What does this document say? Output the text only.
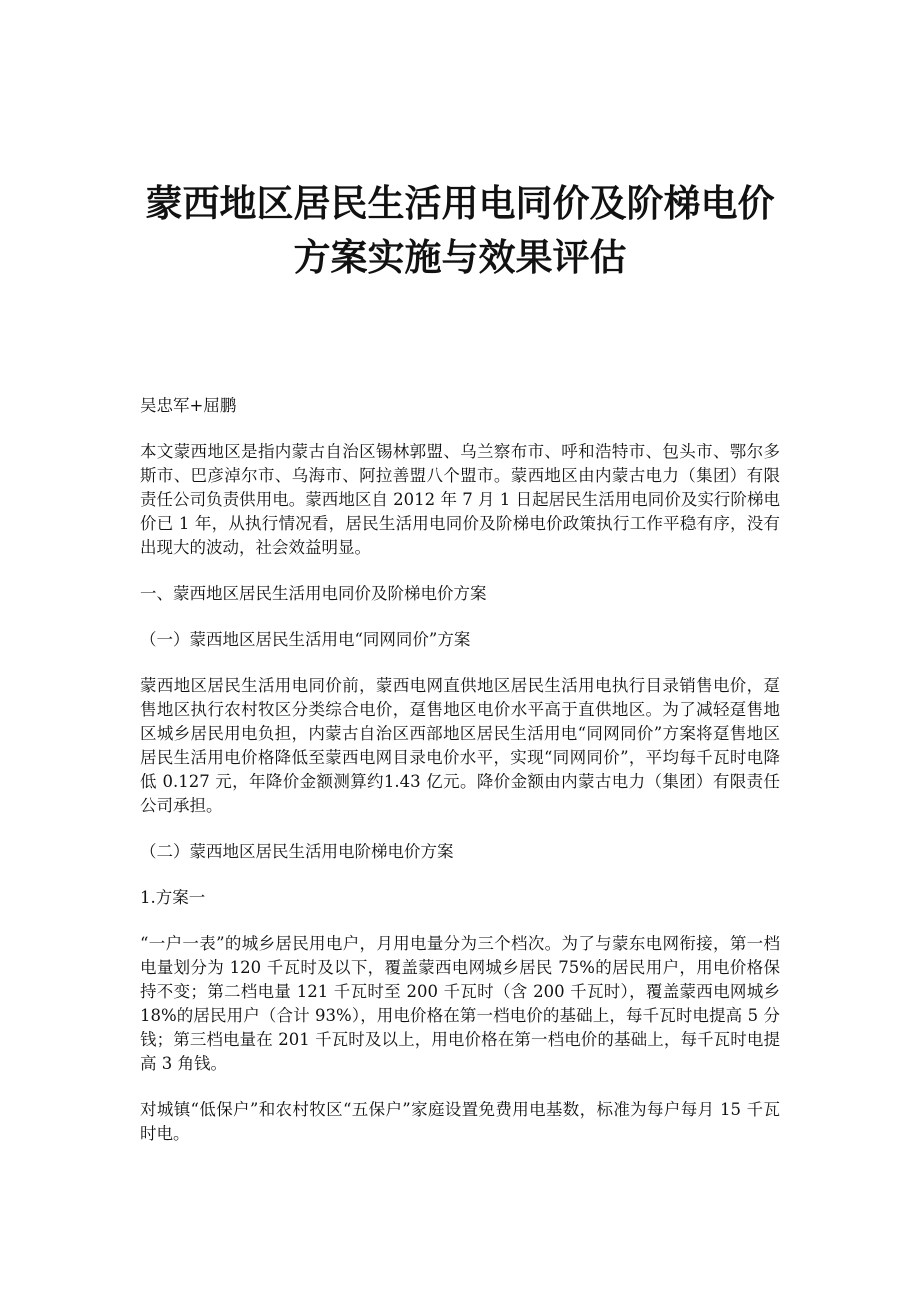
蒙西地区居民生活用电同价及阶梯电价
方案实施与效果评估

吴忠军+屈鹏

本文蒙西地区是指内蒙古自治区锡林郭盟、乌兰察布市、呼和浩特市、包头市、鄂尔多斯市、巴彦淖尔市、乌海市、阿拉善盟八个盟市。蒙西地区由内蒙古电力（集团）有限责任公司负责供用电。蒙西地区自 2012 年 7 月 1 日起居民生活用电同价及实行阶梯电价已 1 年，从执行情况看，居民生活用电同价及阶梯电价政策执行工作平稳有序，没有出现大的波动，社会效益明显。

一、蒙西地区居民生活用电同价及阶梯电价方案

（一）蒙西地区居民生活用电“同网同价”方案

蒙西地区居民生活用电同价前，蒙西电网直供地区居民生活用电执行目录销售电价，趸售地区执行农村牧区分类综合电价，趸售地区电价水平高于直供地区。为了减轻趸售地区城乡居民用电负担，内蒙古自治区西部地区居民生活用电“同网同价”方案将趸售地区居民生活用电价格降低至蒙西电网目录电价水平，实现“同网同价”，平均每千瓦时电降低 0.127 元，年降价金额测算约1.43 亿元。降价金额由内蒙古电力（集团）有限责任公司承担。

（二）蒙西地区居民生活用电阶梯电价方案

1.方案一

“一户一表”的城乡居民用电户，月用电量分为三个档次。为了与蒙东电网衔接，第一档电量划分为 120 千瓦时及以下，覆盖蒙西电网城乡居民 75%的居民用户，用电价格保持不变；第二档电量 121 千瓦时至 200 千瓦时（含 200 千瓦时），覆盖蒙西电网城乡 18%的居民用户（合计 93%），用电价格在第一档电价的基础上，每千瓦时电提高 5 分钱；第三档电量在 201 千瓦时及以上，用电价格在第一档电价的基础上，每千瓦时电提高 3 角钱。

对城镇“低保户”和农村牧区“五保户”家庭设置免费用电基数，标准为每户每月 15 千瓦时电。
